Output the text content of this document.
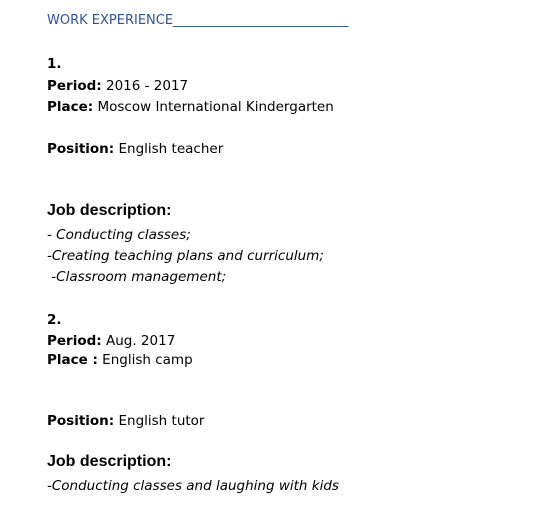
WORK EXPERIENCE___________________________
1.
Period: 2016 - 2017
Place: Moscow International Kindergarten
Position: English teacher
Job description:
- Conducting classes;
-Creating teaching plans and curriculum;
-Classroom management;
2.
Period: Aug. 2017
Place : English camp
Position: English tutor
Job description:
-Conducting classes and laughing with kids
